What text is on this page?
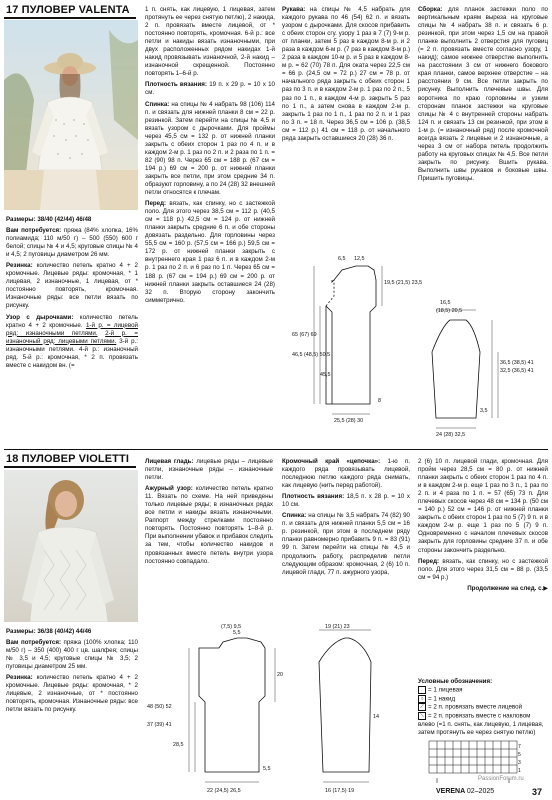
17 ПУЛОВЕР VALENTA

Размеры: 38/40 (42/44) 46/48

Вам потребуется: пряжа (84% хлопка, 16% полиамида; 110 м/50 г) – 500 (550) 600 г белой; спицы № 4 и 4,5; круговые спицы № 4 и 4,5; 2 пуговицы диаметром 26 мм.

Резинка: количество петель кратно 4 + 2 кромочные. Лицевые ряды: кромочная, * 1 лицевая, 2 изнаночные, 1 лицевая, от * постоянно повторять, кромочная. Изнаночные ряды: все петли вязать по рисунку.

Узор с дырочками: количество петель кратно 4 + 2 кромочные. 1-й р. = лицевой ряд: изнаночными петлями. 2-й р. = изнаночный ряд: лицевыми петлями. 3-й р.: изнаночными петлями. 4-й р.: изнаночный ряд. 5-й р.: кромочная, * 2 п. провязать вместе с накидом вн. (=

1 п. снять, как лицевую, 1 лицевая, затем протянуть ее через снятую петлю), 2 накида, 2 п. провязать вместе лицевой, от * постоянно повторять, кромочная. 6-й р.: все петли и накиды вязать изнаночными, при двух расположенных рядом накидах 1-й накид провязывать изнаночной, 2-й накид – изнаночной скрещенной. Постоянно повторять 1–6-й р.

Плотность вязания: 19 п. х 29 р. = 10 х 10 см.

Спинка: на спицы № 4 набрать 98 (106) 114 п. и связать для нижней планки 8 см = 22 р. резинкой. Затем перейти на спицы № 4,5 и вязать узором с дырочками. Для проймы через 45,5 см = 132 р. от нижней планки закрыть с обеих сторон 1 раз по 4 п. и в каждом 2-м р. 1 раз по 2 п. и 2 раза по 1 п. = 82 (90) 98 п. Через 65 см = 188 р. (67 см = 194 р.) 69 см = 200 р. от нижней планки закрыть все петли, при этом средние 34 п. образуют горловину, а по 24 (28) 32 внешней петли относятся к плечам.

Перед: вязать, как спинку, но с застежкой поло. Для этого через 38,5 см = 112 р. (40,5 см = 118 р.) 42,5 см = 124 р. от нижней планки закрыть средние 6 п. и обе стороны довязать раздельно. Для горловины через 55,5 см = 160 р. (57,5 см = 166 р.) 59,5 см = 172 р. от нижней планки закрыть с внутреннего края 1 раз 6 п. и в каждом 2-м р. 1 раз по 2 п. и 6 раз по 1 п. Через 65 см = 188 р. (67 см = 194 р.) 69 см = 200 р. от нижней планки закрыть оставшиеся 24 (28) 32 п. Вторую сторону закончить симметрично.

Рукава: на спицы № 4,5 набрать для каждого рукава по 46 (54) 62 п. и вязать узором с дырочками. Для скосов прибавить с обеих сторон сгу. узору 1 раз в 7 (7) 9-м р. от планки, затем 5 раз в каждом 8-м р. и 2 раза в каждом 6-м р. (7 раз в каждом 8-м р.) 2 раза в каждом 10-м р. и 5 раз в каждом 8-м р. = 62 (70) 78 п. Для оката через 22,5 см = 66 р. (24,5 см = 72 р.) 27 см = 78 р. от начального ряда закрыть с обеих сторон 1 раз по 3 п. и в каждом 2-м р. 1 раз по 2 п., 5 раз по 1 п., в каждом 4-м р. закрыть 5 раз по 1 п., а затем снова в каждом 2-м р. закрыть 1 раз по 1 п., 1 раз по 2 п. и 1 раз по 3 п. = 18 п. Через 36,5 см = 106 р. (38,5 см = 112 р.) 41 см = 118 р. от начального ряда закрыть оставшиеся 20 (28) 36 п.

Сборка: для планок застежки поло по вертикальным краям выреза на круговые спицы № 4 набрать 38 п. и связать 6 р. резинкой, при этом через 1,5 см на правой планке выполнить 2 отверстия для пуговиц (= 2 п. провязать вместе согласно узору, 1 накид); самое нижнее отверстие выполнить на расстоянии 3 см от нижнего бокового края планки, самое верхнее отверстие – на расстоянии 9 см. Все петли закрыть по рисунку. Выполнить плечевые швы. Для воротника по краю горловины и узким сторонам планок застежки на круговые спицы № 4 с внутренней стороны набрать 124 п. и связать 13 см резинкой, при этом в 1-м р. (= изнаночный ряд) после кромочной всегда вязать 2 лицевые и 2 изнаночные, а через 3 см от набора петель продолжить работу на круговых спицах № 4,5. Все петли закрыть по рисунку. Вшить рукава. Выполнить швы рукавов и боковые швы. Пришить пуговицы.

6,5 12,5
19,5 (21,5) 23,5
46,5 (48,5) 50,5
45,5
65 (67) 69
8
25,5 (28) 30
16,5
(18,5) 20,5
32,5 (36,5) 41
36,5 (38,5) 41
3,5
24 (28) 32,5
18 ПУЛОВЕР VIOLETTI

Размеры: 36/38 (40/42) 44/46

Вам потребуется: пряжа (100% хлопка; 110 м/50 г) – 350 (400) 400 г цв. шалфея; спицы № 3,5 и 4,5; круговые спицы № 3,5; 2 пуговицы диаметром 25 мм.

Резинка: количество петель кратно 4 + 2 кромочные. Лицевые ряды: кромочная, * 2 лицевые, 2 изнаночные, от * постоянно повторять, кромочная. Изнаночные ряды: все петли вязать по рисунку.

Лицевая гладь: лицевые ряды – лицевые петли, изнаночные ряды – изнаночные петли.

Ажурный узор: количество петель кратно 11. Вязать по схеме. На ней приведены только лицевые ряды; в изнаночных рядах все петли и накиды вязать изнаночными. Раппорт между стрелками постоянно повторять. Постоянно повторять 1–8-й р. При выполнении убавок и прибавок следить за тем, чтобы количество накидов и провязанных вместе петель внутри узора постоянно совпадало.

Кромочный край «цепочка»: 1-ю п. каждого ряда провязывать лицевой, последнюю петлю каждого ряда снимать, как лицевую (нить перед работой).

Плотность вязания: 18,5 п. х 28 р. = 10 х 10 см.

Спинка: на спицы № 3,5 набрать 74 (82) 90 п. и связать для нижней планки 5,5 см = 16 р. резинкой, при этом в последнем ряду планки равномерно прибавить 9 п. = 83 (91) 99 п. Затем перейти на спицы № 4,5 и продолжить работу, распределив петли следующим образом: кромочная, 2 (6) 10 п. лицевой глади, 77 п. ажурного узора,

2 (6) 10 п. лицевой глади, кромочная. Для пройм через 28,5 см = 80 р. от нижней планки закрыть с обеих сторон 1 раз по 4 п. и в каждом 2-м р. еще 1 раз по 3 п., 1 раз по 2 п. и 4 раза по 1 п. = 57 (65) 73 п. Для плечевых скосов через 48 см = 134 р. (50 см = 140 р.) 52 см = 146 р. от нижней планки закрыть с обеих сторон 1 раз по 5 (7) 9 п. и в каждом 2-м р. еще 1 раз по 5 (7) 9 п. Одновременно с началом плечевых скосов закрыть для горловины средние 37 п. и обе стороны закончить раздельно.

Перед: вязать, как спинку, но с застежкой поло. Для этого через 31,5 см = 88 р. (33,5 см = 94 р.)

Продолжение на след. с.▶

5,5
(7,5) 9,5
20
37 (39) 41
28,5
48 (50) 52
5,5
22 (24,5) 26,5
19 (21) 23
14
16 (17,5) 19
Условные обозначения:
= 1 лицевая
○ = 1 накид
⟋ = 2 п. провязать вместе лицевой
⟍ = 2 п. провязать вместе с накловом влево (=1 п. снять, как лицевую, 1 лицевая, затем протянуть ее через снятую петлю)
7
5
3
1
VERENA 02–2025	37
PassionForum.ru
